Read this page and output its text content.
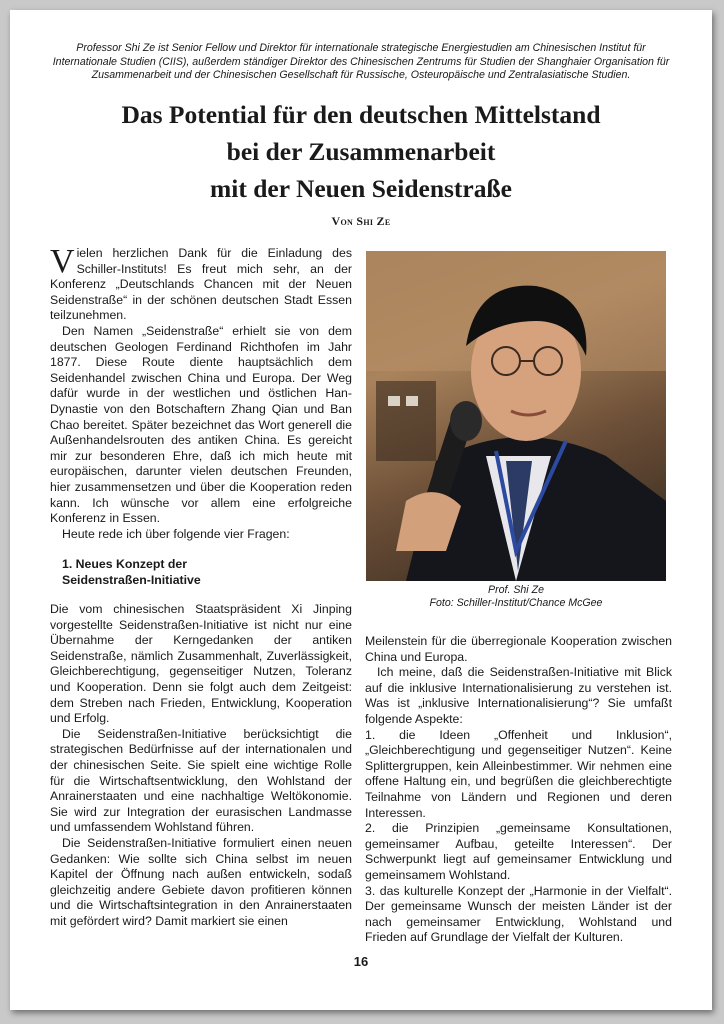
Professor Shi Ze ist Senior Fellow und Direktor für internationale strategische Energiestudien am Chinesischen Institut für Internationale Studien (CIIS), außerdem ständiger Direktor des Chinesischen Zentrums für Studien der Shanghaier Organisation für Zusammenarbeit und der Chinesischen Gesellschaft für Russische, Osteuropäische und Zentralasiatische Studien.
Das Potential für den deutschen Mittelstand
bei der Zusammenarbeit
mit der Neuen Seidenstraße
Von Shi Ze

Vielen herzlichen Dank für die Einladung des Schiller-Instituts! Es freut mich sehr, an der Konferenz „Deutschlands Chancen mit der Neuen Seidenstraße“ in der schönen deutschen Stadt Essen teilzunehmen.

Den Namen „Seidenstraße“ erhielt sie von dem deutschen Geologen Ferdinand Richthofen im Jahr 1877. Diese Route diente hauptsächlich dem Seidenhandel zwischen China und Europa. Der Weg dafür wurde in der westlichen und östlichen Han-Dynastie von den Botschaftern Zhang Qian und Ban Chao bereitet. Später bezeichnet das Wort generell die Außenhandelsrouten des antiken China. Es gereicht mir zur besonderen Ehre, daß ich mich heute mit europäischen, darunter vielen deutschen Freunden, hier zusammensetzen und über die Kooperation reden kann. Ich wünsche vor allem eine erfolgreiche Konferenz in Essen.

Heute rede ich über folgende vier Fragen:

1. Neues Konzept der
Seidenstraßen-Initiative

Die vom chinesischen Staatspräsident Xi Jinping vorgestellte Seidenstraßen-Initiative ist nicht nur eine Übernahme der Kerngedanken der antiken Seidenstraße, nämlich Zusammenhalt, Zuverlässigkeit, Gleichberechtigung, gegenseitiger Nutzen, Toleranz und Kooperation. Denn sie folgt auch dem Zeitgeist: dem Streben nach Frieden, Entwicklung, Kooperation und Erfolg.

Die Seidenstraßen-Initiative berücksichtigt die strategischen Bedürfnisse auf der internationalen und der chinesischen Seite. Sie spielt eine wichtige Rolle für die Wirtschaftsentwicklung, den Wohlstand der Anrainerstaaten und eine nachhaltige Weltökonomie. Sie wird zur Integration der eurasischen Landmasse und umfassendem Wohlstand führen.

Die Seidenstraßen-Initiative formuliert einen neuen Gedanken: Wie sollte sich China selbst im neuen Kapitel der Öffnung nach außen entwickeln, sodaß gleichzeitig andere Gebiete davon profitieren können und die Wirtschaftsintegration in den Anrainerstaaten mit gefördert wird? Damit markiert sie einen

Prof. Shi Ze
Foto: Schiller-Institut/Chance McGee

Meilenstein für die überregionale Kooperation zwischen China und Europa.

Ich meine, daß die Seidenstraßen-Initiative mit Blick auf die inklusive Internationalisierung zu verstehen ist. Was ist „inklusive Internationalisierung“? Sie umfaßt folgende Aspekte:

1. die Ideen „Offenheit und Inklusion“, „Gleichberechtigung und gegenseitiger Nutzen“. Keine Splittergruppen, kein Alleinbestimmer. Wir nehmen eine offene Haltung ein, und begrüßen die gleichberechtigte Teilnahme von Ländern und Regionen und deren Interessen.

2. die Prinzipien „gemeinsame Konsultationen, gemeinsamer Aufbau, geteilte Interessen“. Der Schwerpunkt liegt auf gemeinsamer Entwicklung und gemeinsamem Wohlstand.

3. das kulturelle Konzept der „Harmonie in der Vielfalt“. Der gemeinsame Wunsch der meisten Länder ist der nach gemeinsamer Entwicklung, Wohlstand und Frieden auf Grundlage der Vielfalt der Kulturen.

16
